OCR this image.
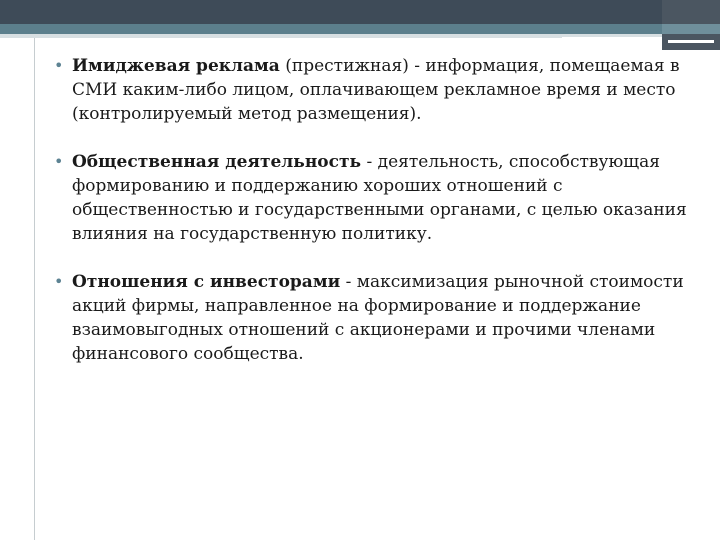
• Имиджевая реклама (престижная) - информация, помещаемая в СМИ каким-либо лицом, оплачивающем рекламное время и место (контролируемый метод размещения).
• Общественная деятельность - деятельность, способствующая формированию и поддержанию хороших отношений с общественностью и государственными органами, с целью оказания влияния на государственную политику.
• Отношения с инвесторами - максимизация рыночной стоимости акций фирмы, направленное на формирование и поддержание взаимовыгодных отношений с акционерами и прочими членами финансового сообщества.
